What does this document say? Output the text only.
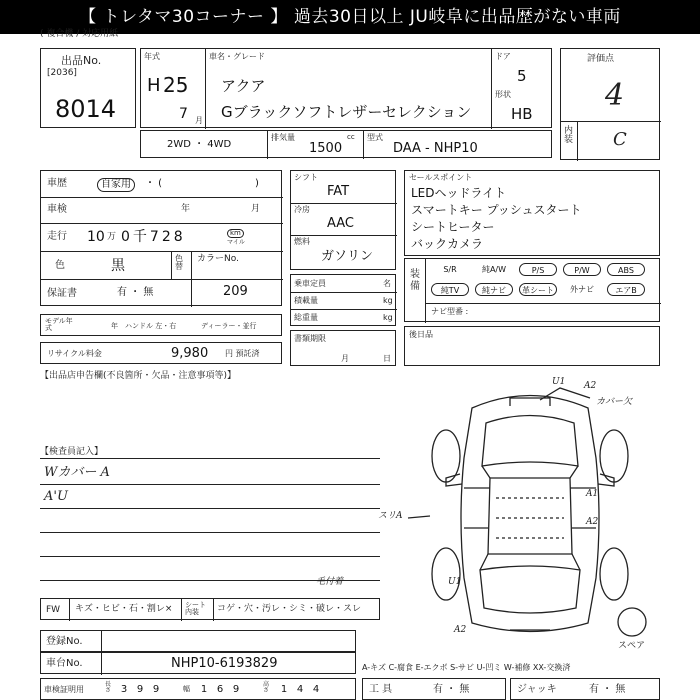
【 トレタマ30コーナー 】 過去30日以上 JU岐阜に出品歴がない車両
( 複合機 / 対応用紙
出品No.
[2036]
8014
年式
H 25
7 月
車名・グレード
アクア
Gブラックソフトレザーセレクション
ドア
5
形状
HB
評価点
4
内装 C
2WD ・ 4WD
排気量	cc
1500
型式
DAA - NHP10
車歴	自家用	・ (	)
車検	年	月
走行 10 万 0千728	km
マイル
色	黒	色替
カラーNo.
209
保証書	有 ・ 無
モデル年式	年 ハンドル 左・右	ディーラー・並行
リサイクル料金	9,980 円 預託済
シフト
FAT
冷房
AAC
燃料
ガソリン
乗車定員	名
積載量	kg
総重量	kg
書類期限
月	日
セールスポイント
LEDヘッドライト
スマートキー プッシュスタート
シートヒーター
バックカメラ
装備
S/R	純A/W	P/S	P/W	ABS
純TV	純ナビ	革シート	外ナビ	エアB
ナビ型番 :
後日品
【出品店申告欄(不良箇所・欠品・注意事項等)】
【検査員記入】
Wカバー A
A'U
U1 A2
カバー欠
スリA
A1
A2
U1
A2
スペア
FW キズ・ヒビ・石・割レ× シート内装	コゲ・穴・汚レ・シミ・破レ・スレ
毛付着
登録No.
車台No.	NHP10-6193829	A-キズ C-腐食 E-エクボ S-サビ U-凹ミ W-補修 XX-交換済
車検証明用
長さ 3 9 9	幅	1 6 9	高さ	1 4 4	工 具	有 ・ 無	ジャッキ	有 ・ 無
